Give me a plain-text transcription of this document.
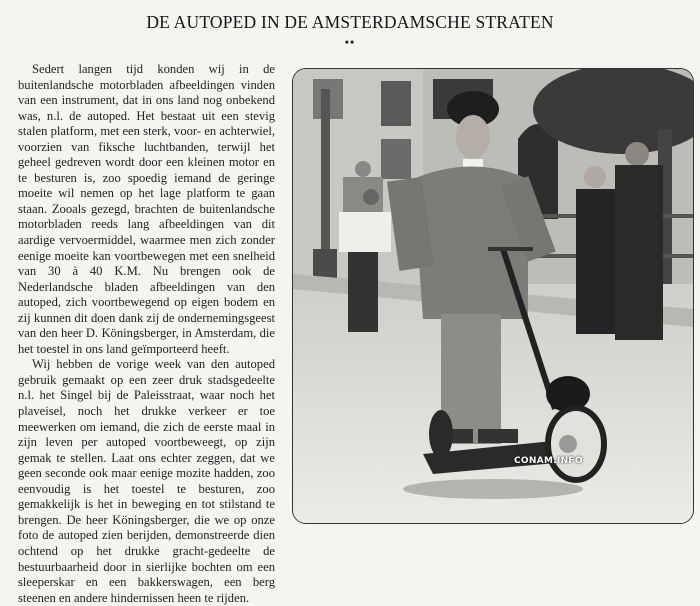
DE AUTOPED IN DE AMSTERDAMSCHE STRATEN
••

Sedert langen tijd konden wij in de buitenlandsche motorbladen afbeeldingen vinden van een instrument, dat in ons land nog onbekend was, n.l. de autoped. Het bestaat uit een stevig stalen platform, met een sterk, voor- en achterwiel, voorzien van fiksche luchtbanden, terwijl het geheel gedreven wordt door een kleinen motor en te besturen is, zoo spoedig iemand de geringe moeite wil nemen op het lage platform te gaan staan. Zooals gezegd, brachten de buitenlandsche motorbladen reeds lang afbeeldingen van dit aardige vervoermiddel, waarmee men zich zonder eenige moeite kan voortbewegen met een snelheid van 30 à 40 K.M. Nu brengen ook de Nederlandsche bladen afbeeldingen van den autoped, zich voortbewegend op eigen bodem en zij kunnen dit doen dank zij de ondernemingsgeest van den heer D. Köningsberger, in Amsterdam, die het toestel in ons land geïmporteerd heeft.

Wij hebben de vorige week van den autoped gebruik gemaakt op een zeer druk stadsgedeelte n.l. het Singel bij de Paleisstraat, waar noch het plaveisel, noch het drukke verkeer er toe meewerken om iemand, die zich de eerste maal in zijn leven per autoped voortbeweegt, op zijn gemak te stellen. Laat ons echter zeggen, dat we geen seconde ook maar eenige mozite hadden, zoo eenvoudig is het toestel te besturen, zoo gemakkelijk is het in beweging en tot stilstand te brengen. De heer Köningsberger, die we op onze foto de autoped zien berijden, demonstreerde dien ochtend op het drukke gracht-gedeelte de bestuurbaarheid door in sierlijke bochten om een sleeperskar en een bakkerswagen, een berg steenen en andere hindernissen heen te rijden.

CONAM.INFO
